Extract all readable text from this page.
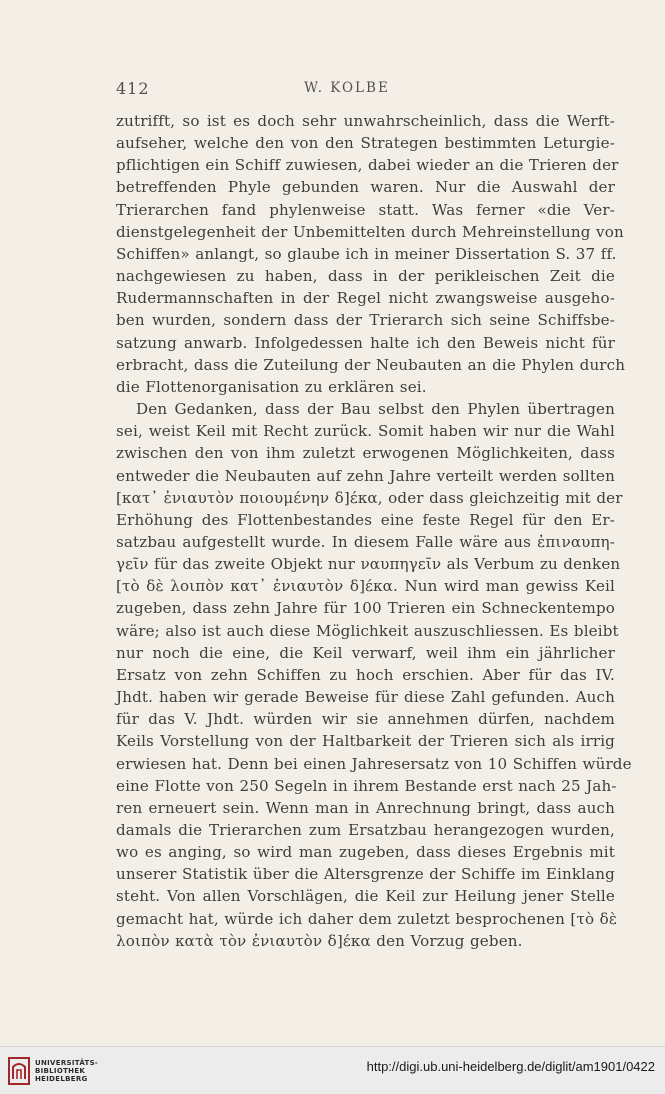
412	W. KOLBE
zutrifft, so ist es doch sehr unwahrscheinlich, dass die Werft-
aufseher, welche den von den Strategen bestimmten Leturgie-
pflichtigen ein Schiff zuwiesen, dabei wieder an die Trieren der
betreffenden Phyle gebunden waren. Nur die Auswahl der
Trierarchen fand phylenweise statt. Was ferner «die Ver-
dienstgelegenheit der Unbemittelten durch Mehreinstellung von
Schiffen» anlangt, so glaube ich in meiner Dissertation S. 37 ff.
nachgewiesen zu haben, dass in der perikleischen Zeit die
Rudermannschaften in der Regel nicht zwangsweise ausgeho-
ben wurden, sondern dass der Trierarch sich seine Schiffsbe-
satzung anwarb. Infolgedessen halte ich den Beweis nicht für
erbracht, dass die Zuteilung der Neubauten an die Phylen durch
die Flottenorganisation zu erklären sei.
Den Gedanken, dass der Bau selbst den Phylen übertragen
sei, weist Keil mit Recht zurück. Somit haben wir nur die Wahl
zwischen den von ihm zuletzt erwogenen Möglichkeiten, dass
entweder die Neubauten auf zehn Jahre verteilt werden sollten
[κατ᾽ ἐνιαυτὸν ποιουμένην δ]έκα, oder dass gleichzeitig mit der
Erhöhung des Flottenbestandes eine feste Regel für den Er-
satzbau aufgestellt wurde. In diesem Falle wäre aus ἐπιναυπη-
γεῖν für das zweite Objekt nur ναυπηγεῖν als Verbum zu denken
[τὸ δὲ λοιπὸν κατ᾽ ἐνιαυτὸν δ]έκα. Nun wird man gewiss Keil
zugeben, dass zehn Jahre für 100 Trieren ein Schneckentempo
wäre; also ist auch diese Möglichkeit auszuschliessen. Es bleibt
nur noch die eine, die Keil verwarf, weil ihm ein jährlicher
Ersatz von zehn Schiffen zu hoch erschien. Aber für das IV.
Jhdt. haben wir gerade Beweise für diese Zahl gefunden. Auch
für das V. Jhdt. würden wir sie annehmen dürfen, nachdem
Keils Vorstellung von der Haltbarkeit der Trieren sich als irrig
erwiesen hat. Denn bei einen Jahresersatz von 10 Schiffen würde
eine Flotte von 250 Segeln in ihrem Bestande erst nach 25 Jah-
ren erneuert sein. Wenn man in Anrechnung bringt, dass auch
damals die Trierarchen zum Ersatzbau herangezogen wurden,
wo es anging, so wird man zugeben, dass dieses Ergebnis mit
unserer Statistik über die Altersgrenze der Schiffe im Einklang
steht. Von allen Vorschlägen, die Keil zur Heilung jener Stelle
gemacht hat, würde ich daher dem zuletzt besprochenen [τὸ δὲ
λοιπὸν κατὰ τὸν ἐνιαυτὸν δ]έκα den Vorzug geben.
UNIVERSITÄTS-
BIBLIOTHEK
HEIDELBERG
http://digi.ub.uni-heidelberg.de/diglit/am1901/0422
